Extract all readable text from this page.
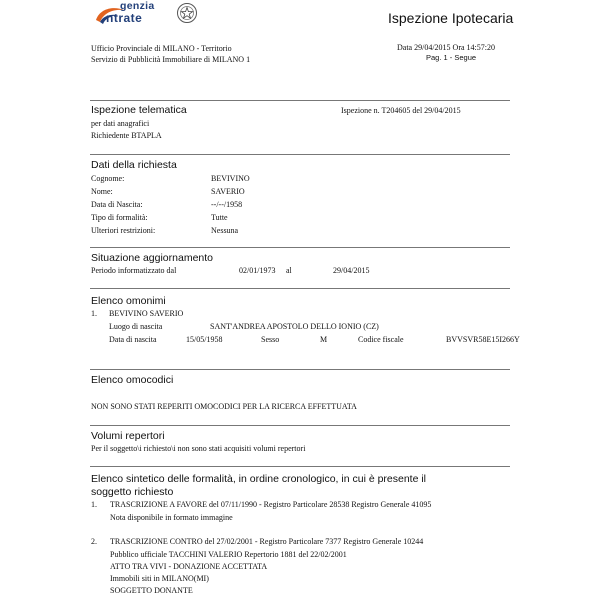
genzia
ntrate	Ispezione Ipotecaria
Ufficio Provinciale di MILANO - Territorio
Servizio di Pubblicità Immobiliare di MILANO 1
Data 29/04/2015 Ora 14:57:20
Pag. 1 - Segue
Ispezione telematica	Ispezione n. T204605 del 29/04/2015
per dati anagrafici
Richiedente BTAPLA
Dati della richiesta
Cognome:	BEVIVINO
Nome:	SAVERIO
Data di Nascita:	--/--/1958
Tipo di formalità:	Tutte
Ulteriori restrizioni:	Nessuna
Situazione aggiornamento
Periodo informatizzato dal	02/01/1973 al	29/04/2015
Elenco omonimi
1. BEVIVINO SAVERIO
Luogo di nascita	SANT'ANDREA APOSTOLO DELLO IONIO (CZ)
Data di nascita	15/05/1958	Sesso	M	Codice fiscale	BVVSVR58E15I266Y
Elenco omocodici
NON SONO STATI REPERITI OMOCODICI PER LA RICERCA EFFETTUATA
Volumi repertori
Per il soggetto\i richiesto\i non sono stati acquisiti volumi repertori
Elenco sintetico delle formalità, in ordine cronologico, in cui è presente il
soggetto richiesto
1. TRASCRIZIONE A FAVORE del 07/11/1990 - Registro Particolare 28538 Registro Generale 41095
Nota disponibile in formato immagine
2. TRASCRIZIONE CONTRO del 27/02/2001 - Registro Particolare 7377 Registro Generale 10244
Pubblico ufficiale TACCHINI VALERIO Repertorio 1881 del 22/02/2001
ATTO TRA VIVI - DONAZIONE ACCETTATA
Immobili siti in MILANO(MI)
SOGGETTO DONANTE
